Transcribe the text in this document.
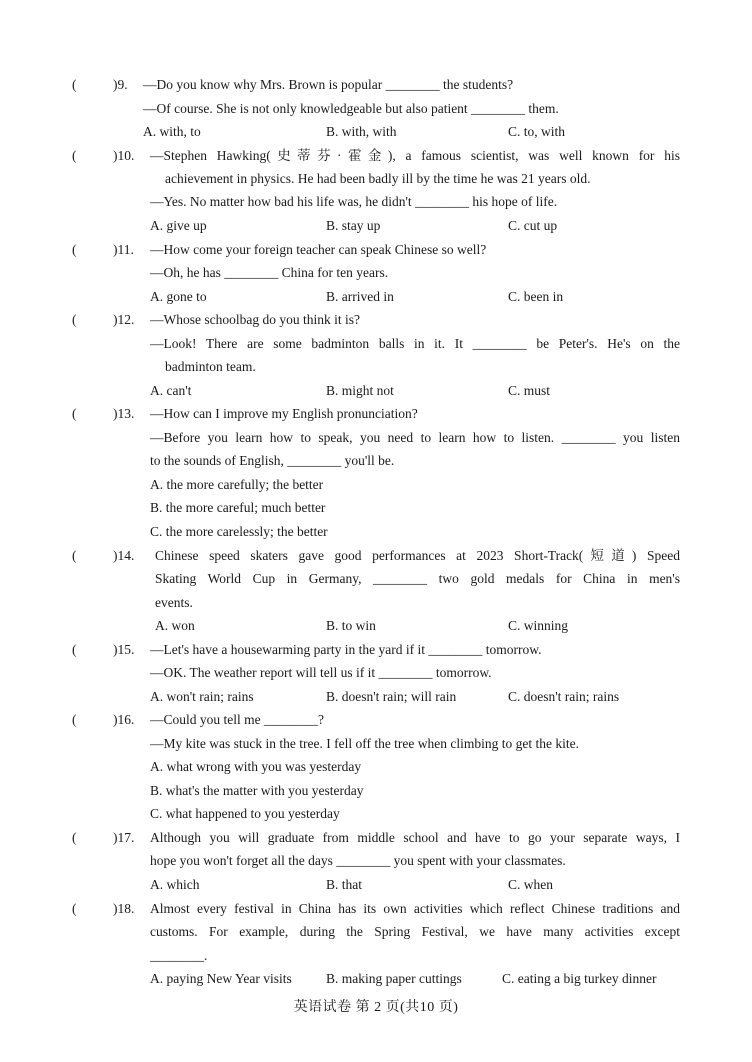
(	)9. —Do you know why Mrs. Brown is popular ________ the students?
—Of course. She is not only knowledgeable but also patient ________ them.
A. with, to	B. with, with	C. to, with
(	)10. —Stephen Hawking(史蒂芬·霍金), a famous scientist, was well known for his
achievement in physics. He had been badly ill by the time he was 21 years old.
—Yes. No matter how bad his life was, he didn't ________ his hope of life.
A. give up	B. stay up	C. cut up
(	)11. —How come your foreign teacher can speak Chinese so well?
—Oh, he has ________ China for ten years.
A. gone to	B. arrived in	C. been in
(	)12. —Whose schoolbag do you think it is?
—Look! There are some badminton balls in it. It ________ be Peter's. He's on the
badminton team.
A. can't	B. might not	C. must
(	)13. —How can I improve my English pronunciation?
—Before you learn how to speak, you need to learn how to listen. ________ you listen
to the sounds of English, ________ you'll be.
A. the more carefully; the better
B. the more careful; much better
C. the more carelessly; the better
(	)14. Chinese speed skaters gave good performances at 2023 Short-Track(短道) Speed
Skating World Cup in Germany, ________ two gold medals for China in men's
events.
A. won	B. to win	C. winning
(	)15. —Let's have a housewarming party in the yard if it ________ tomorrow.
—OK. The weather report will tell us if it ________ tomorrow.
A. won't rain; rains	B. doesn't rain; will rain	C. doesn't rain; rains
(	)16. —Could you tell me ________?
—My kite was stuck in the tree. I fell off the tree when climbing to get the kite.
A. what wrong with you was yesterday
B. what's the matter with you yesterday
C. what happened to you yesterday
(	)17. Although you will graduate from middle school and have to go your separate ways, I
hope you won't forget all the days ________ you spent with your classmates.
A. which	B. that	C. when
(	)18. Almost every festival in China has its own activities which reflect Chinese traditions and
customs. For example, during the Spring Festival, we have many activities except
________.
A. paying New Year visits	B. making paper cuttings	C. eating a big turkey dinner
英语试卷 第 2 页(共10 页)
